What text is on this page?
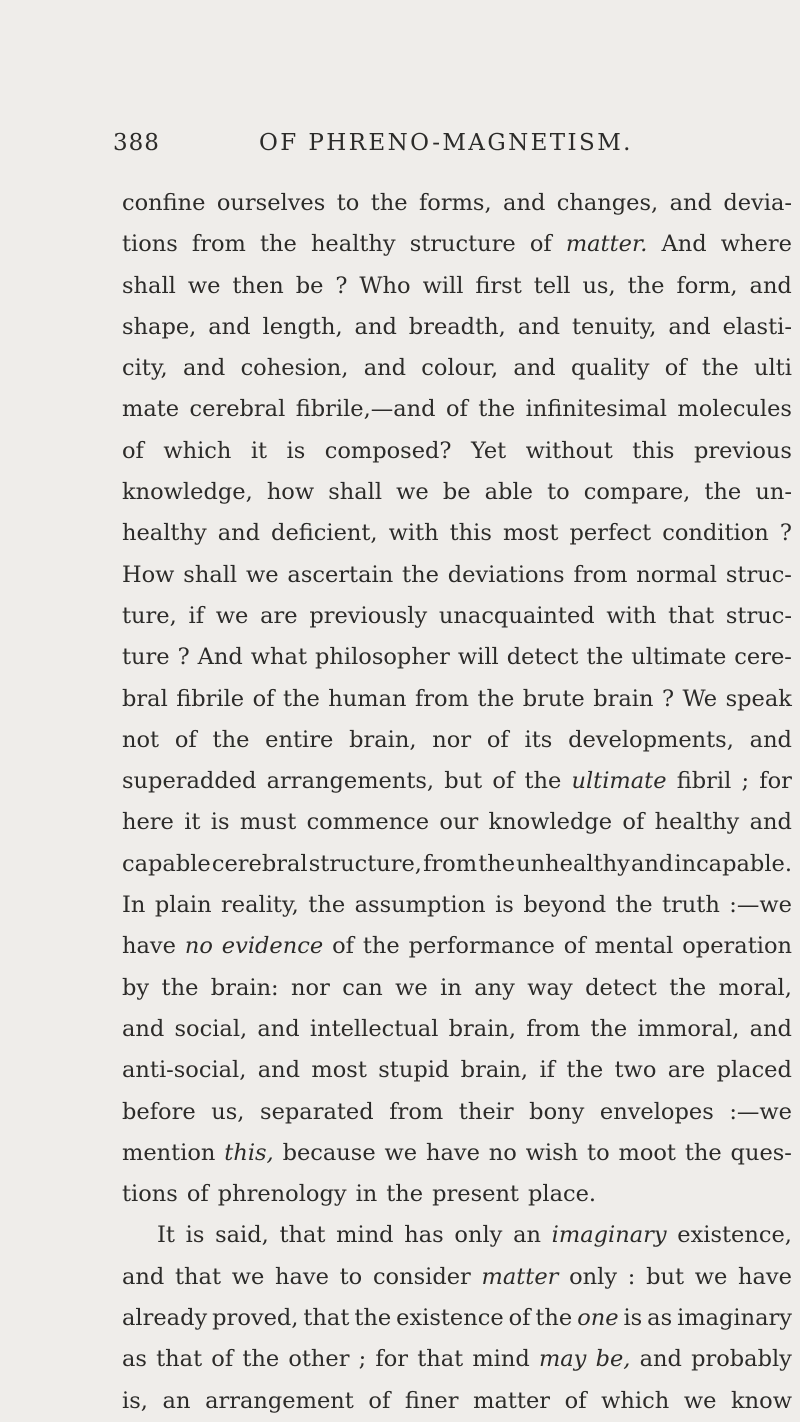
388	OF PHRENO-MAGNETISM.
confine ourselves to the forms, and changes, and devia-
tions from the healthy structure of matter. And where
shall we then be ? Who will first tell us, the form, and
shape, and length, and breadth, and tenuity, and elasti-
city, and cohesion, and colour, and quality of the ulti
mate cerebral fibrile,—and of the infinitesimal molecules
of which it is composed? Yet without this previous
knowledge, how shall we be able to compare, the un-
healthy and deficient, with this most perfect condition ?
How shall we ascertain the deviations from normal struc-
ture, if we are previously unacquainted with that struc-
ture ? And what philosopher will detect the ultimate cere-
bral fibrile of the human from the brute brain ? We speak
not of the entire brain, nor of its developments, and
superadded arrangements, but of the ultimate fibril ; for
here it is must commence our knowledge of healthy and
capable cerebral structure, from the unhealthy and incapable.
In plain reality, the assumption is beyond the truth :—we
have no evidence of the performance of mental operation
by the brain: nor can we in any way detect the moral,
and social, and intellectual brain, from the immoral, and
anti-social, and most stupid brain, if the two are placed
before us, separated from their bony envelopes :—we
mention this, because we have no wish to moot the ques-
tions of phrenology in the present place.
It is said, that mind has only an imaginary existence,
and that we have to consider matter only : but we have
already proved, that the existence of the one is as imaginary
as that of the other ; for that mind may be, and probably
is, an arrangement of finer matter of which we know
